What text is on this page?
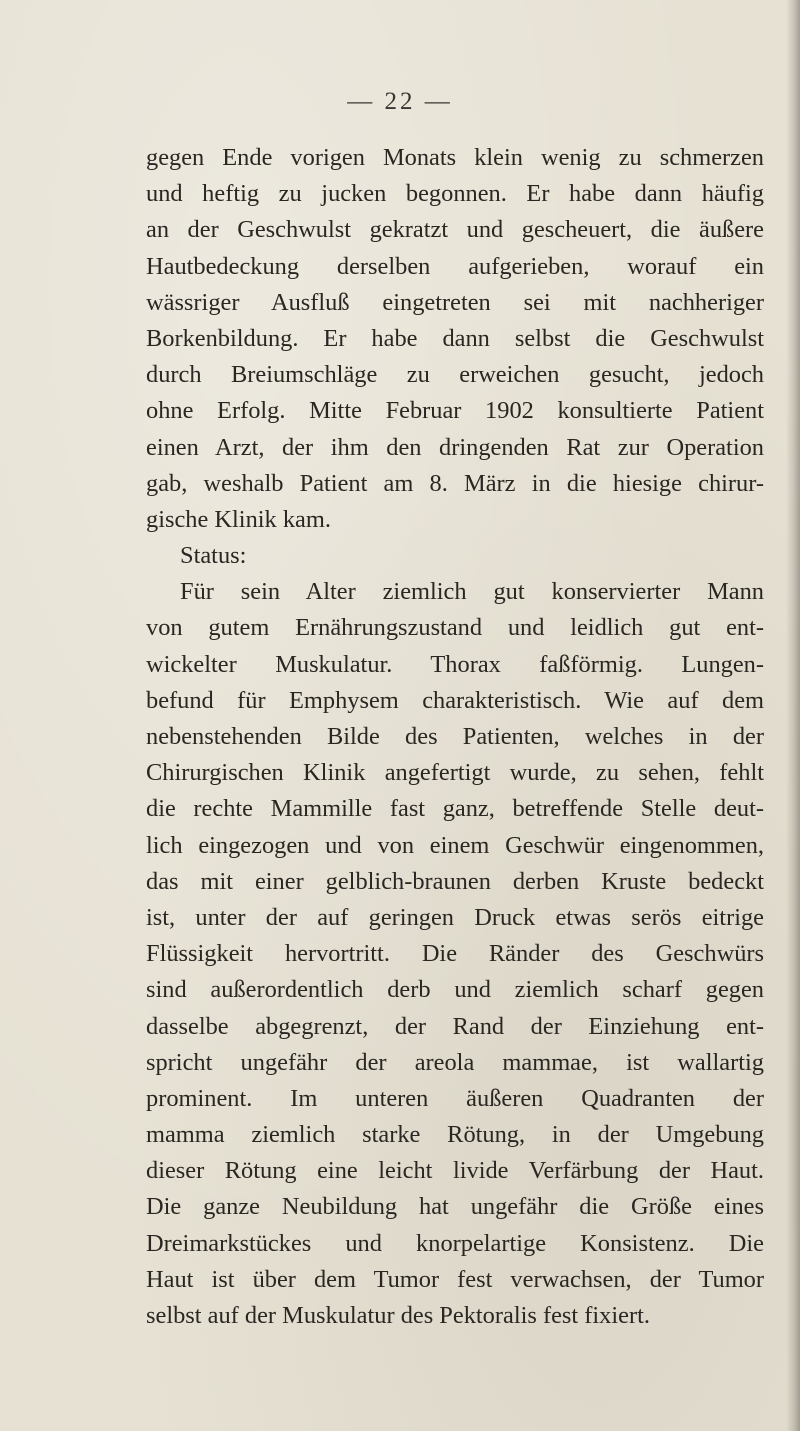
— 22 —
gegen Ende vorigen Monats klein wenig zu schmerzen
und heftig zu jucken begonnen. Er habe dann häufig
an der Geschwulst gekratzt und gescheuert, die äußere
Hautbedeckung derselben aufgerieben, worauf ein
wässriger Ausfluß eingetreten sei mit nachheriger
Borkenbildung. Er habe dann selbst die Geschwulst
durch Breiumschläge zu erweichen gesucht, jedoch
ohne Erfolg. Mitte Februar 1902 konsultierte Patient
einen Arzt, der ihm den dringenden Rat zur Operation
gab, weshalb Patient am 8. März in die hiesige chirur-
gische Klinik kam.
Status:
Für sein Alter ziemlich gut konservierter Mann
von gutem Ernährungszustand und leidlich gut ent-
wickelter Muskulatur. Thorax faßförmig. Lungen-
befund für Emphysem charakteristisch. Wie auf dem
nebenstehenden Bilde des Patienten, welches in der
Chirurgischen Klinik angefertigt wurde, zu sehen, fehlt
die rechte Mammille fast ganz, betreffende Stelle deut-
lich eingezogen und von einem Geschwür eingenommen,
das mit einer gelblich-braunen derben Kruste bedeckt
ist, unter der auf geringen Druck etwas serös eitrige
Flüssigkeit hervortritt. Die Ränder des Geschwürs
sind außerordentlich derb und ziemlich scharf gegen
dasselbe abgegrenzt, der Rand der Einziehung ent-
spricht ungefähr der areola mammae, ist wallartig
prominent. Im unteren äußeren Quadranten der
mamma ziemlich starke Rötung, in der Umgebung
dieser Rötung eine leicht livide Verfärbung der Haut.
Die ganze Neubildung hat ungefähr die Größe eines
Dreimarkstückes und knorpelartige Konsistenz. Die
Haut ist über dem Tumor fest verwachsen, der Tumor
selbst auf der Muskulatur des Pektoralis fest fixiert.
